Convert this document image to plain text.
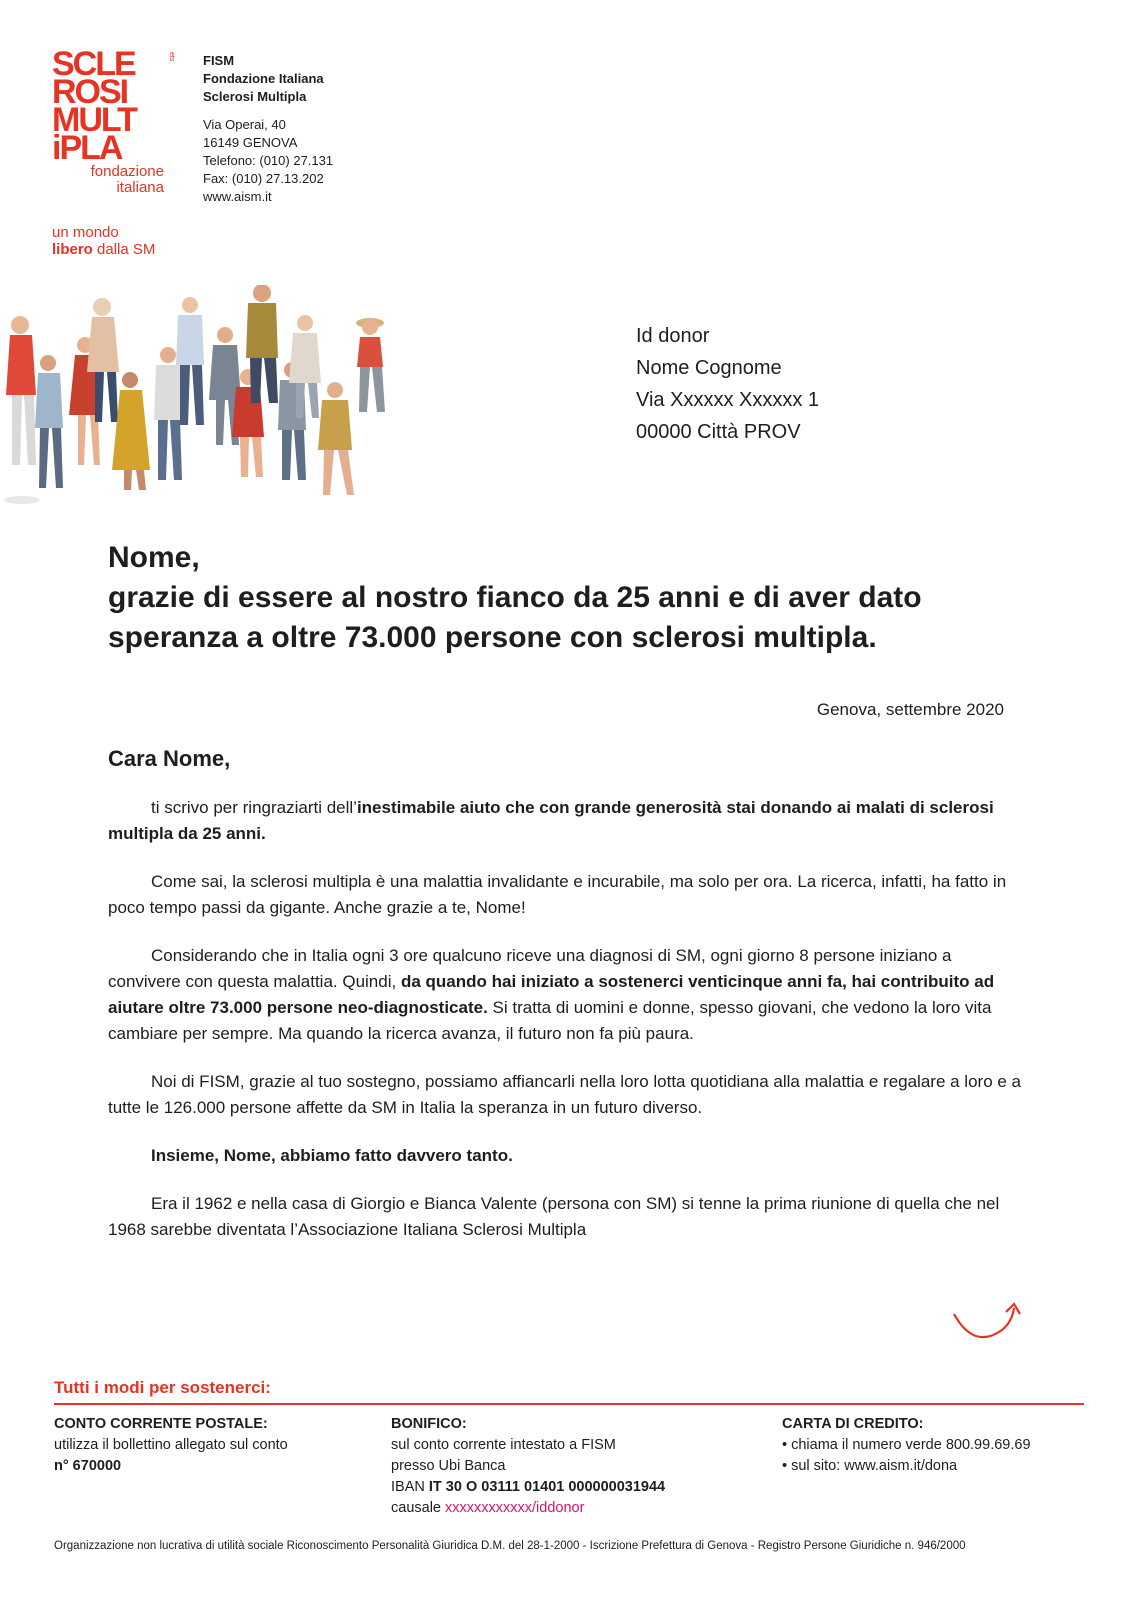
SCLE
ROSI
MULT
iPLA
ets
fondazione
italiana
un mondo
libero dalla SM
FISM
Fondazione Italiana
Sclerosi Multipla
Via Operai, 40
16149 GENOVA
Telefono: (010) 27.131
Fax: (010) 27.13.202
www.aism.it
Id donor
Nome Cognome
Via Xxxxxx Xxxxxx 1
00000 Città PROV
Nome,
grazie di essere al nostro fianco da 25 anni e di aver dato
speranza a oltre 73.000 persone con sclerosi multipla.
Genova, settembre 2020
Cara Nome,

ti scrivo per ringraziarti dell’inestimabile aiuto che con grande generosità stai donando ai malati di sclerosi multipla da 25 anni.

Come sai, la sclerosi multipla è una malattia invalidante e incurabile, ma solo per ora. La ricerca, infatti, ha fatto in poco tempo passi da gigante. Anche grazie a te, Nome!

Considerando che in Italia ogni 3 ore qualcuno riceve una diagnosi di SM, ogni giorno 8 persone iniziano a convivere con questa malattia. Quindi, da quando hai iniziato a sostenerci venticinque anni fa, hai contribuito ad aiutare oltre 73.000 persone neo-diagnosticate. Si tratta di uomini e donne, spesso giovani, che vedono la loro vita cambiare per sempre. Ma quando la ricerca avanza, il futuro non fa più paura.

Noi di FISM, grazie al tuo sostegno, possiamo affiancarli nella loro lotta quotidiana alla malattia e regalare a loro e a tutte le 126.000 persone affette da SM in Italia la speranza in un futuro diverso.

Insieme, Nome, abbiamo fatto davvero tanto.

Era il 1962 e nella casa di Giorgio e Bianca Valente (persona con SM) si tenne la prima riunione di quella che nel 1968 sarebbe diventata l’Associazione Italiana Sclerosi Multipla

Tutti i modi per sostenerci:
CONTO CORRENTE POSTALE:
utilizza il bollettino allegato sul conto
n° 670000
BONIFICO:
sul conto corrente intestato a FISM
presso Ubi Banca
IBAN IT 30 O 03111 01401 000000031944
causale xxxxxxxxxxxx/iddonor
CARTA DI CREDITO:
• chiama il numero verde 800.99.69.69
• sul sito: www.aism.it/dona
Organizzazione non lucrativa di utilità sociale Riconoscimento Personalità Giuridica D.M. del 28-1-2000 - Iscrizione Prefettura di Genova - Registro Persone Giuridiche n. 946/2000
